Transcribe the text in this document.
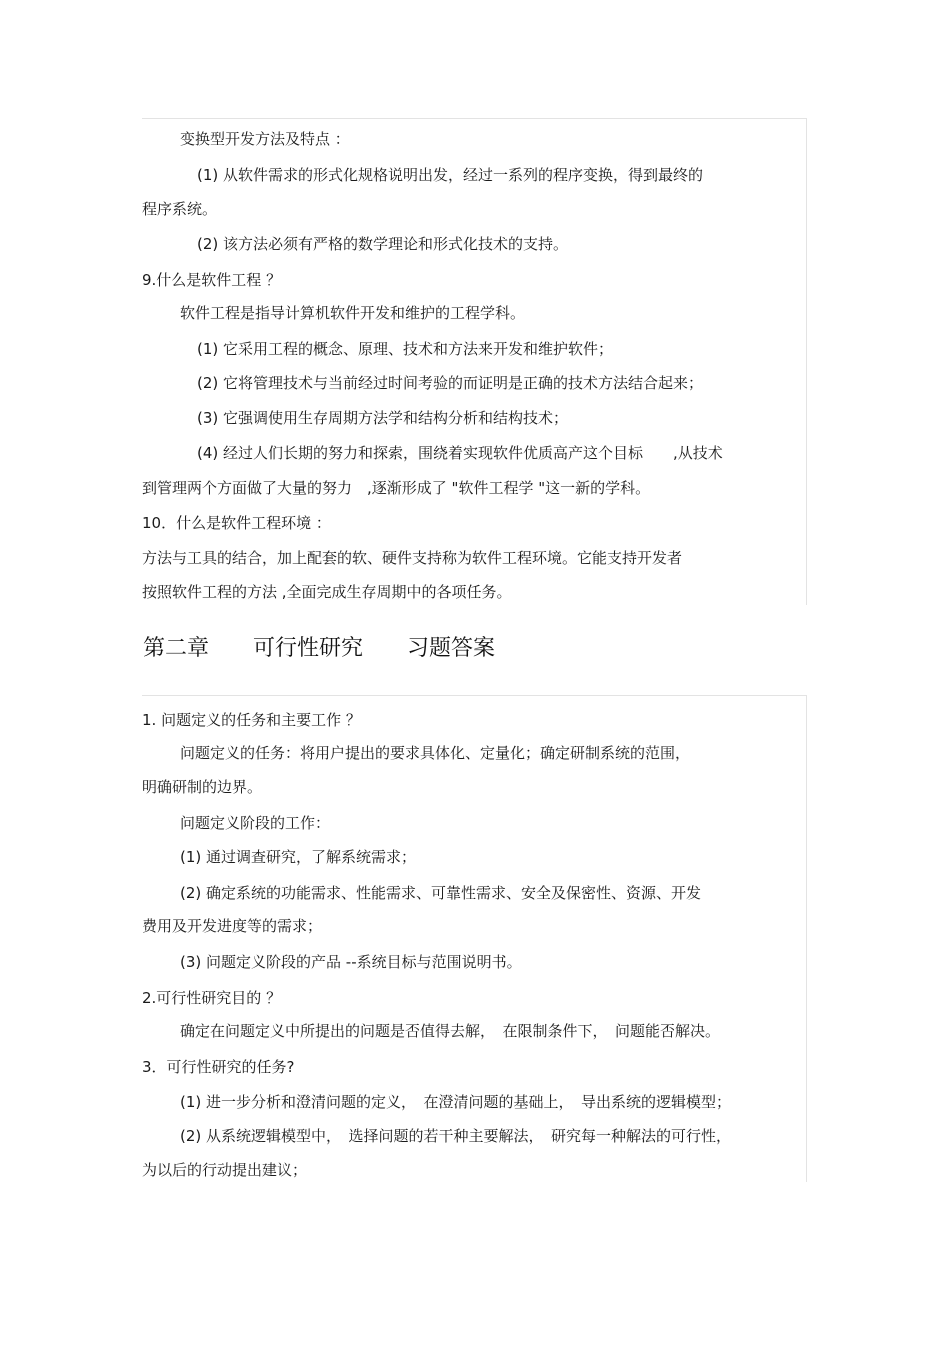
变换型开发方法及特点 ：
(1) 从软件需求的形式化规格说明出发，经过一系列的程序变换，得到最终的
程序系统。
(2) 该方法必须有严格的数学理论和形式化技术的支持。
9.什么是软件工程 ？
软件工程是指导计算机软件开发和维护的工程学科。
(1) 它采用工程的概念、原理、技术和方法来开发和维护软件；
(2) 它将管理技术与当前经过时间考验的而证明是正确的技术方法结合起来；
(3) 它强调使用生存周期方法学和结构分析和结构技术；
(4) 经过人们长期的努力和探索，围绕着实现软件优质高产这个目标　　,从技术
到管理两个方面做了大量的努力　,逐渐形成了 "软件工程学 "这一新的学科。
10．什么是软件工程环境 ：
方法与工具的结合，加上配套的软、硬件支持称为软件工程环境。它能支持开发者
按照软件工程的方法 ,全面完成生存周期中的各项任务。
第二章　　可行性研究　　习题答案
1. 问题定义的任务和主要工作 ？
问题定义的任务：将用户提出的要求具体化、定量化；确定研制系统的范围，
明确研制的边界。
问题定义阶段的工作：
(1) 通过调查研究，了解系统需求；
(2) 确定系统的功能需求、性能需求、可靠性需求、安全及保密性、资源、开发
费用及开发进度等的需求；
(3) 问题定义阶段的产品 --系统目标与范围说明书。
2.可行性研究目的 ？
确定在问题定义中所提出的问题是否值得去解，　在限制条件下，　问题能否解决。
3．可行性研究的任务?
(1) 进一步分析和澄清问题的定义，　在澄清问题的基础上，　导出系统的逻辑模型；
(2) 从系统逻辑模型中，　选择问题的若干种主要解法，　研究每一种解法的可行性，
为以后的行动提出建议；
